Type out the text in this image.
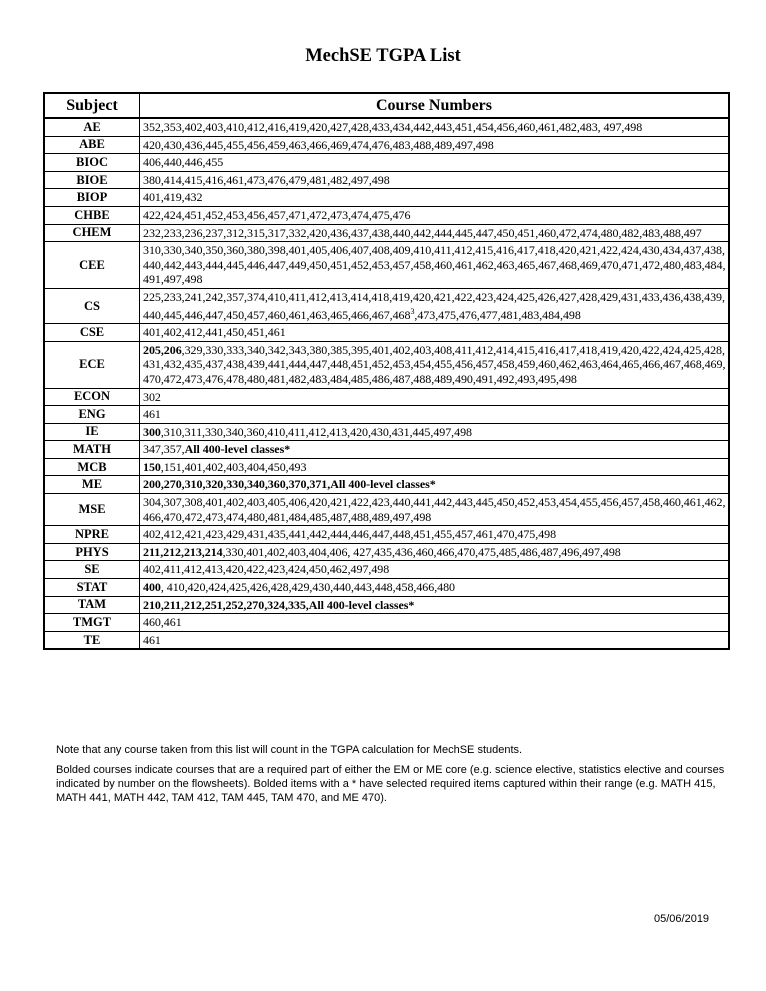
MechSE TGPA List
Subject	Course Numbers
AE	352,353,402,403,410,412,416,419,420,427,428,433,434,442,443,451,454,456,460,461,482,483, 497,498
ABE	420,430,436,445,455,456,459,463,466,469,474,476,483,488,489,497,498
BIOC	406,440,446,455
BIOE	380,414,415,416,461,473,476,479,481,482,497,498
BIOP	401,419,432
CHBE	422,424,451,452,453,456,457,471,472,473,474,475,476
CHEM	232,233,236,237,312,315,317,332,420,436,437,438,440,442,444,445,447,450,451,460,472,474,480,482,483,488,497
CEE	310,330,340,350,360,380,398,401,405,406,407,408,409,410,411,412,415,416,417,418,420,421,422,424,430,434,437,438,440,442,443,444,445,446,447,449,450,451,452,453,457,458,460,461,462,463,465,467,468,469,470,471,472,480,483,484,491,497,498
CS	225,233,241,242,357,374,410,411,412,413,414,418,419,420,421,422,423,424,425,426,427,428,429,431,433,436,438,439,440,445,446,447,450,457,460,461,463,465,466,467,468$^3$,473,475,476,477,481,483,484,498
CSE	401,402,412,441,450,451,461
ECE	205,206,329,330,333,340,342,343,380,385,395,401,402,403,408,411,412,414,415,416,417,418,419,420,422,424,425,428,431,432,435,437,438,439,441,444,447,448,451,452,453,454,455,456,457,458,459,460,462,463,464,465,466,467,468,469,470,472,473,476,478,480,481,482,483,484,485,486,487,488,489,490,491,492,493,495,498
ECON	302
ENG	461
IE	300,310,311,330,340,360,410,411,412,413,420,430,431,445,497,498
MATH	347,357,All 400-level classes*
MCB	150,151,401,402,403,404,450,493
ME	200,270,310,320,330,340,360,370,371,All 400-level classes*
MSE	304,307,308,401,402,403,405,406,420,421,422,423,440,441,442,443,445,450,452,453,454,455,456,457,458,460,461,462,466,470,472,473,474,480,481,484,485,487,488,489,497,498
NPRE	402,412,421,423,429,431,435,441,442,444,446,447,448,451,455,457,461,470,475,498
PHYS	211,212,213,214,330,401,402,403,404,406, 427,435,436,460,466,470,475,485,486,487,496,497,498
SE	402,411,412,413,420,422,423,424,450,462,497,498
STAT	400, 410,420,424,425,426,428,429,430,440,443,448,458,466,480
TAM	210,211,212,251,252,270,324,335,All 400-level classes*
TMGT	460,461
TE	461

Note that any course taken from this list will count in the TGPA calculation for MechSE students.

Bolded courses indicate courses that are a required part of either the EM or ME core (e.g. science elective, statistics elective and courses indicated by number on the flowsheets). Bolded items with a * have selected required items captured within their range (e.g. MATH 415, MATH 441, MATH 442, TAM 412, TAM 445, TAM 470, and ME 470).

05/06/2019
